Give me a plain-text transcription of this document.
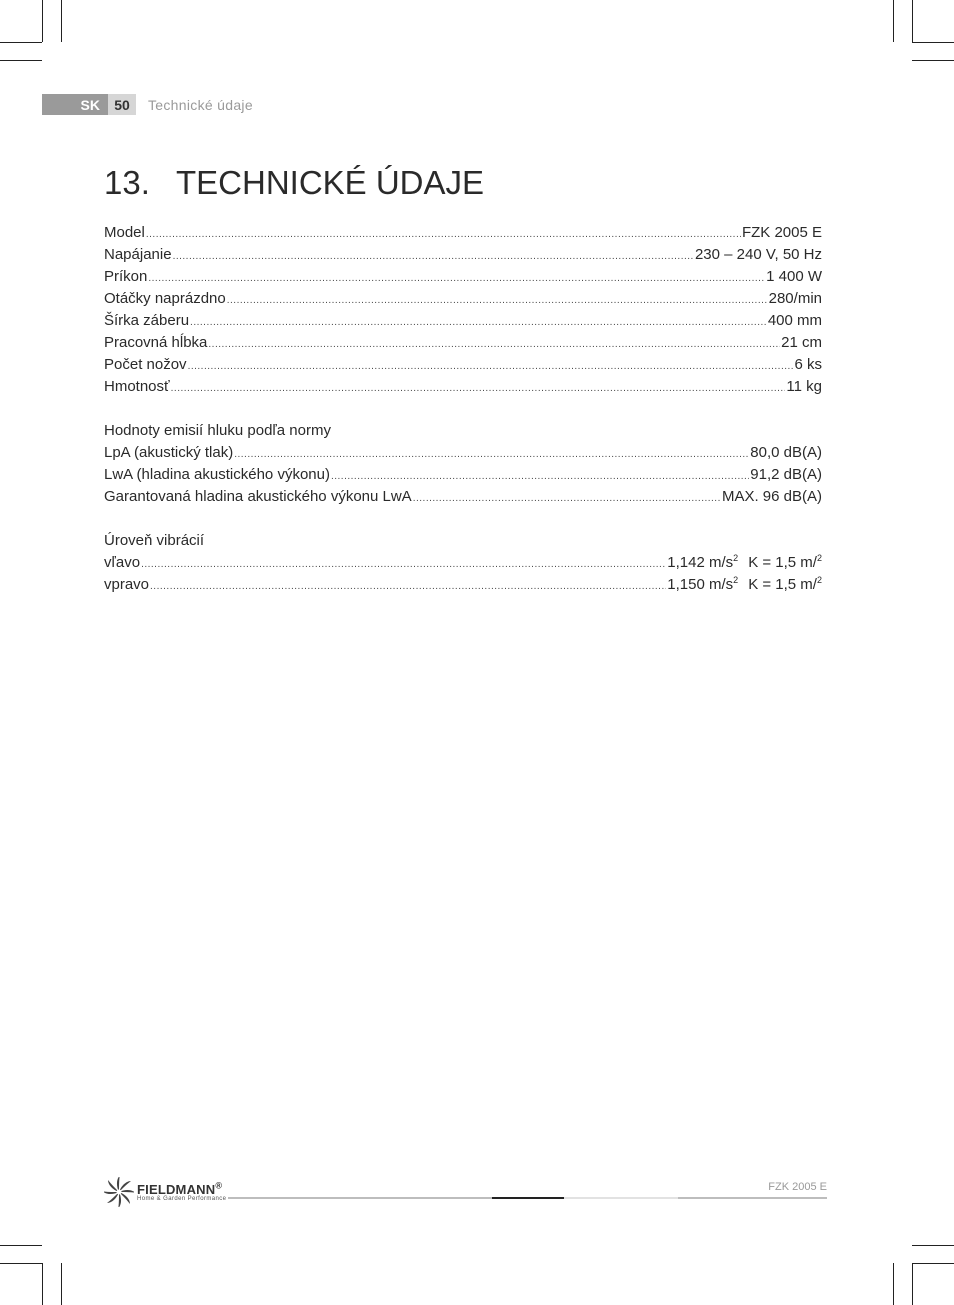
SK	50	Technické údaje
13. TECHNICKÉ ÚDAJE
Model .....	FZK 2005 E
Napájanie .....	230 – 240 V, 50 Hz
Príkon .....	1 400 W
Otáčky naprázdno .....	280/min
Šírka záberu .....	400 mm
Pracovná hĺbka .....	21 cm
Počet nožov .....	6 ks
Hmotnosť .....	11 kg
Hodnoty emisií hluku podľa normy
LpA (akustický tlak) .....	80,0 dB(A)
LwA (hladina akustického výkonu) .....	91,2 dB(A)
Garantovaná hladina akustického výkonu LwA .....	MAX. 96 dB(A)
Úroveň vibrácií
vľavo .....	1,142 $m/s^2$ K = 1,5 m/$^2$
vpravo .....	1,150 $m/s^2$ K = 1,5 m/$^2$
FIELDMANN®
Home & Garden Performance
FZK 2005 E
